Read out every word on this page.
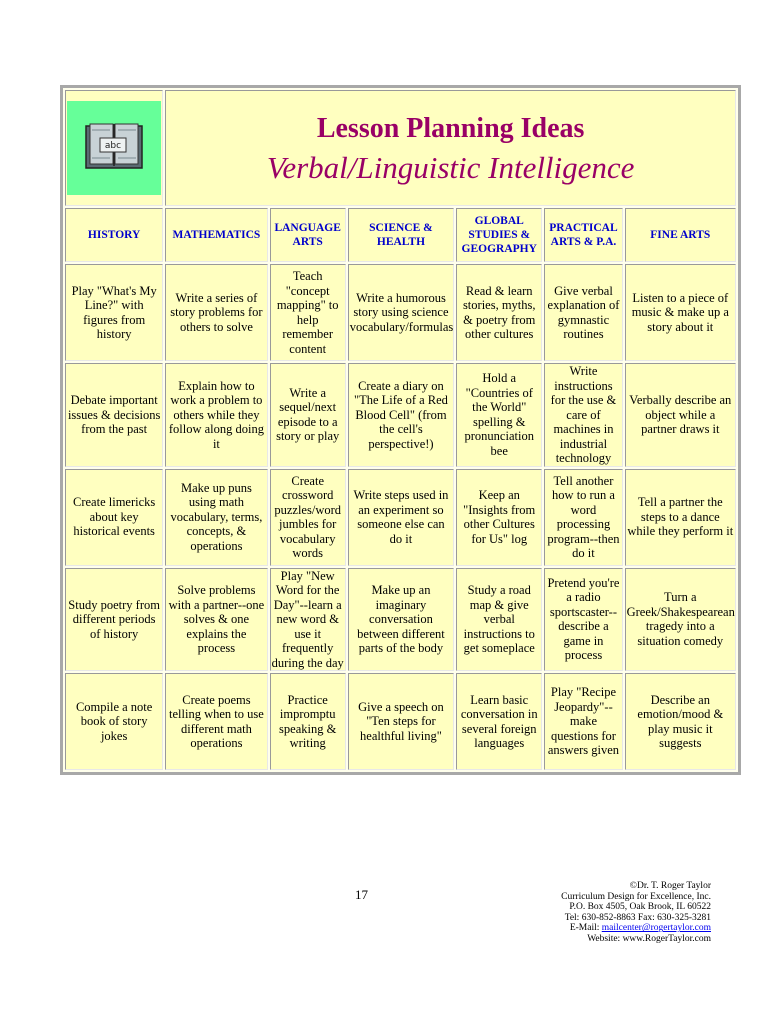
abc	Lesson Planning Ideas
Verbal/Linguistic Intelligence					

HISTORY	MATHEMATICS	LANGUAGE ARTS	SCIENCE & HEALTH	GLOBAL STUDIES & GEOGRAPHY	PRACTICAL ARTS & P.A.	FINE ARTS
Play "What's My Line?" with figures from history	Write a series of story problems for others to solve	Teach "concept mapping" to help remember content	Write a humorous story using science vocabulary/formulas	Read & learn stories, myths, & poetry from other cultures	Give verbal explanation of gymnastic routines	Listen to a piece of music & make up a story about it
Debate important issues & decisions from the past	Explain how to work a problem to others while they follow along doing it	Write a sequel/next episode to a story or play	Create a diary on "The Life of a Red Blood Cell" (from the cell's perspective!)	Hold a "Countries of the World" spelling & pronunciation bee	Write instructions for the use & care of machines in industrial technology	Verbally describe an object while a partner draws it
Create limericks about key historical events	Make up puns using math vocabulary, terms, concepts, & operations	Create crossword puzzles/word jumbles for vocabulary words	Write steps used in an experiment so someone else can do it	Keep an "Insights from other Cultures for Us" log	Tell another how to run a word processing program--then do it	Tell a partner the steps to a dance while they perform it
Study poetry from different periods of history	Solve problems with a partner--one solves & one explains the process	Play "New Word for the Day"--learn a new word & use it frequently during the day	Make up an imaginary conversation between different parts of the body	Study a road map & give verbal instructions to get someplace	Pretend you're a radio sportscaster--describe a game in process	Turn a Greek/Shakespearean tragedy into a situation comedy
Compile a note book of story jokes	Create poems telling when to use different math operations	Practice impromptu speaking & writing	Give a speech on "Ten steps for healthful living"	Learn basic conversation in several foreign languages	Play "Recipe Jeopardy"--make questions for answers given	Describe an emotion/mood & play music it suggests
17
©Dr. T. Roger Taylor
Curriculum Design for Excellence, Inc.
P.O. Box 4505, Oak Brook, IL 60522
Tel: 630-852-8863 Fax: 630-325-3281
E-Mail: mailcenter@rogertaylor.com
Website: www.RogerTaylor.com
